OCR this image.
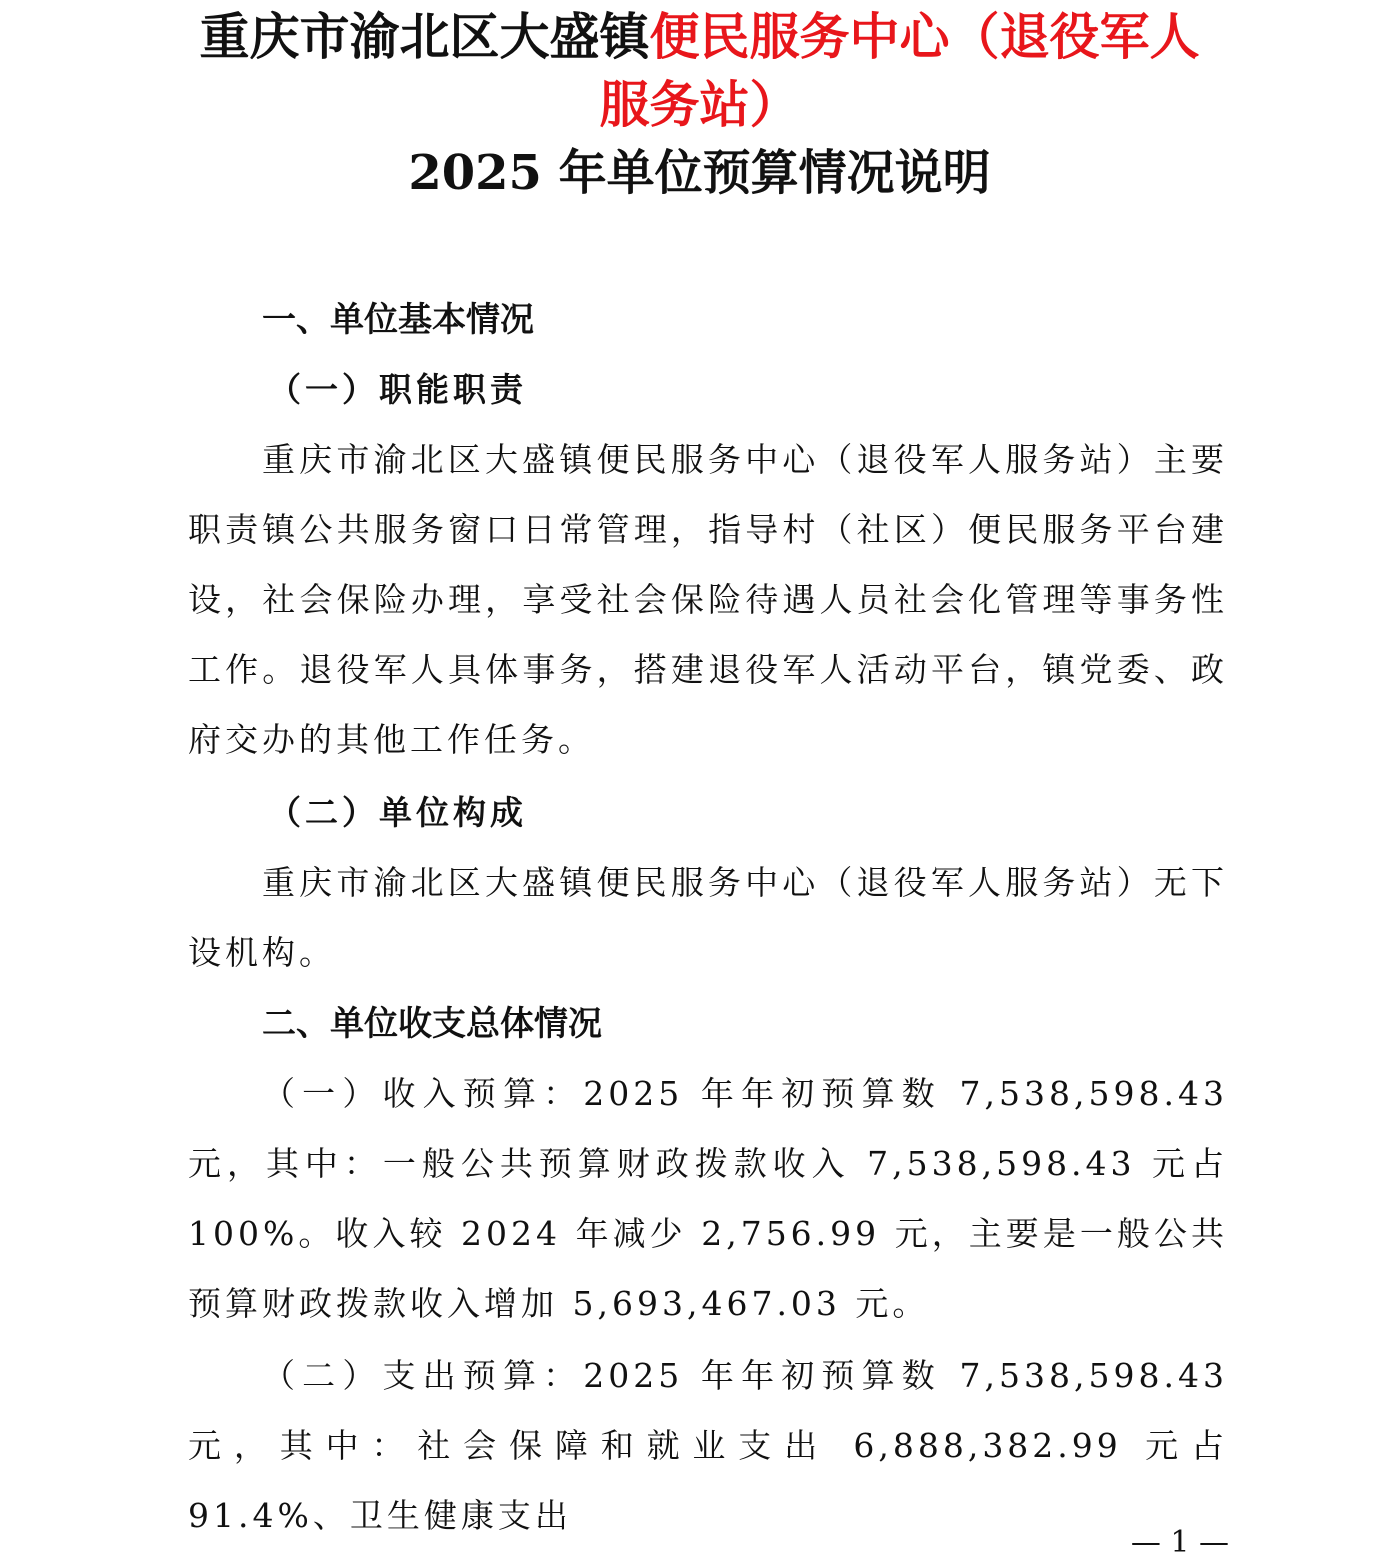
重庆市渝北区大盛镇便民服务中心（退役军人

服务站）

2025 年单位预算情况说明

一、单位基本情况
（一）职能职责

重庆市渝北区大盛镇便民服务中心（退役军人服务站）主要职责镇公共服务窗口日常管理，指导村（社区）便民服务平台建设，社会保险办理，享受社会保险待遇人员社会化管理等事务性工作。退役军人具体事务，搭建退役军人活动平台，镇党委、政府交办的其他工作任务。

（二）单位构成

重庆市渝北区大盛镇便民服务中心（退役军人服务站）无下设机构。

二、单位收支总体情况

（一）收入预算：2025 年年初预算数 7,538,598.43 元，其中：一般公共预算财政拨款收入 7,538,598.43 元占 100%。收入较 2024 年减少 2,756.99 元，主要是一般公共预算财政拨款收入增加 5,693,467.03 元。

（二）支出预算：2025 年年初预算数 7,538,598.43 元，其中：社会保障和就业支出 6,888,382.99 元占 91.4%、卫生健康支出

— 1 —
